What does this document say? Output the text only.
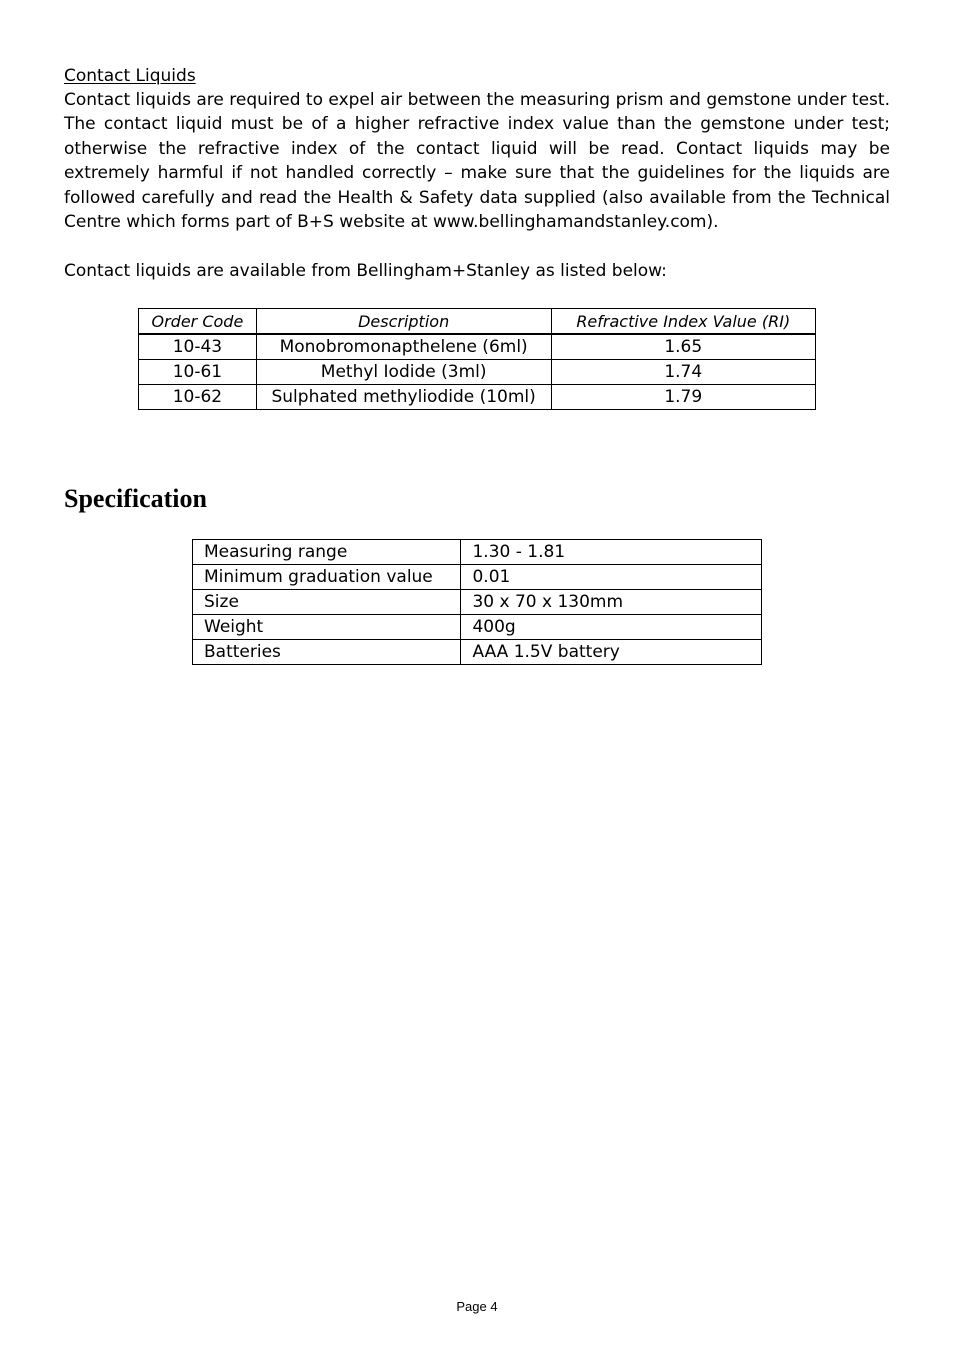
Contact Liquids

Contact liquids are required to expel air between the measuring prism and gemstone under test. The contact liquid must be of a higher refractive index value than the gemstone under test; otherwise the refractive index of the contact liquid will be read. Contact liquids may be extremely harmful if not handled correctly – make sure that the guidelines for the liquids are followed carefully and read the Health & Safety data supplied (also available from the Technical Centre which forms part of B+S website at www.bellinghamandstanley.com).

Contact liquids are available from Bellingham+Stanley as listed below:

Order Code	Description	Refractive Index Value (RI)
10-43	Monobromonapthelene (6ml)	1.65
10-61	Methyl Iodide (3ml)	1.74
10-62	Sulphated methyliodide (10ml)	1.79
Specification
Measuring range	1.30 - 1.81
Minimum graduation value	0.01
Size	30 x 70 x 130mm
Weight	400g
Batteries	AAA 1.5V battery
Page 4
